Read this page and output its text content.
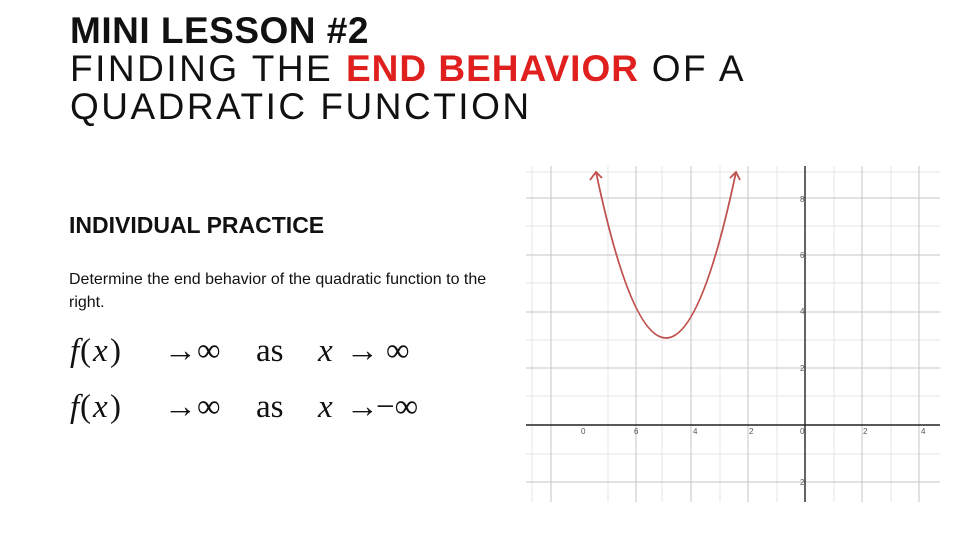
MINI LESSON #2
FINDING THE END BEHAVIOR OF A
QUADRATIC FUNCTION
INDIVIDUAL PRACTICE
Determine the end behavior of the quadratic function to the right.
f ( x ) → ∞ as x → ∞
f ( x ) → ∞ as x →
−∞
8
6
4
2
2
0	6	4	2	0	2	4
